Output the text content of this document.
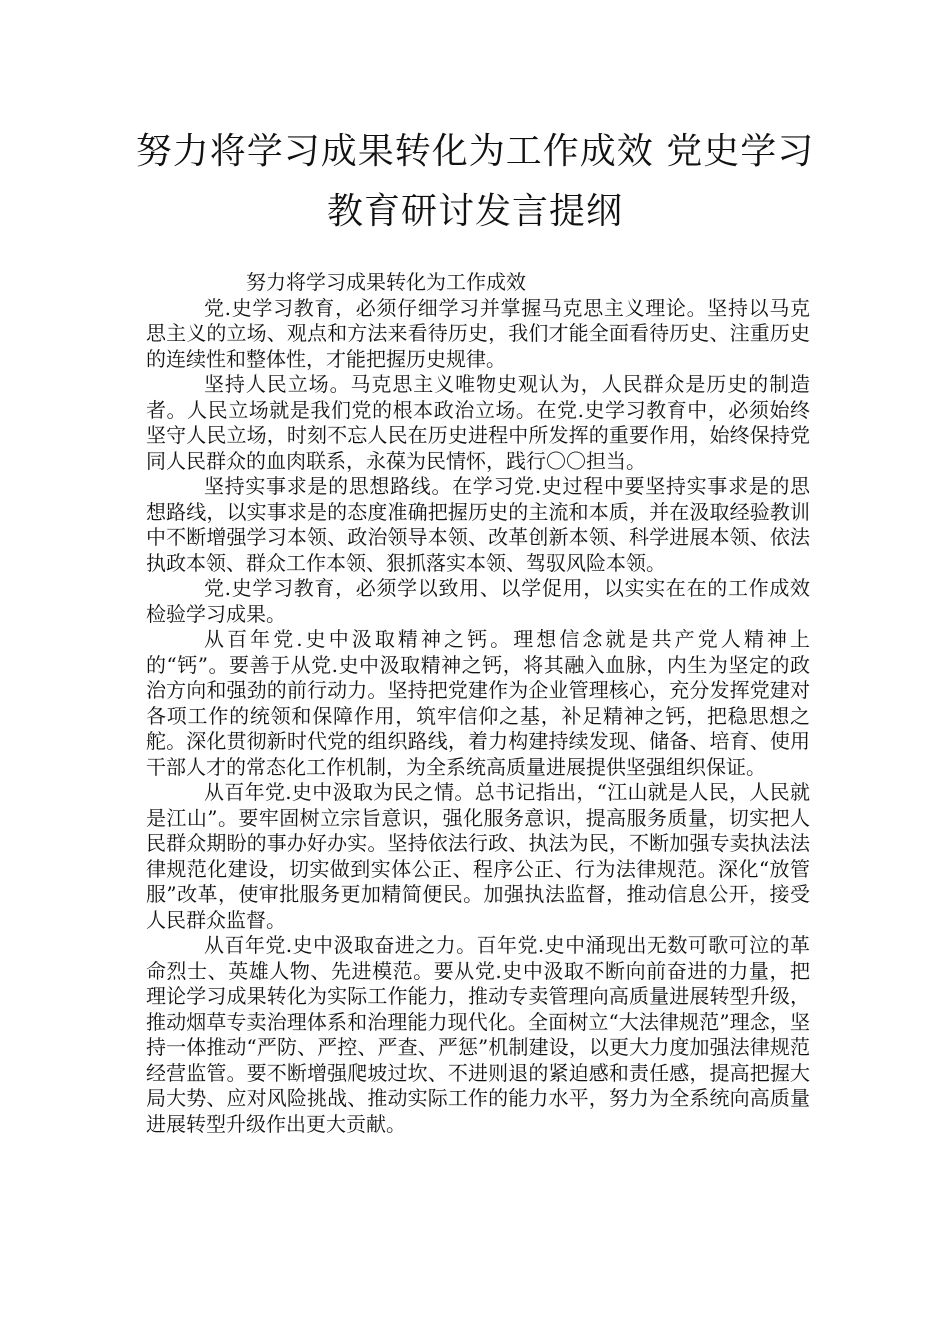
努力将学习成果转化为工作成效 党史学习
教育研讨发言提纲

努力将学习成果转化为工作成效

党.史学习教育，必须仔细学习并掌握马克思主义理论。坚持以马克思主义的立场、观点和方法来看待历史，我们才能全面看待历史、注重历史的连续性和整体性，才能把握历史规律。

坚持人民立场。马克思主义唯物史观认为，人民群众是历史的制造者。人民立场就是我们党的根本政治立场。在党.史学习教育中，必须始终坚守人民立场，时刻不忘人民在历史进程中所发挥的重要作用，始终保持党同人民群众的血肉联系，永葆为民情怀，践行〇〇担当。

坚持实事求是的思想路线。在学习党.史过程中要坚持实事求是的思想路线，以实事求是的态度准确把握历史的主流和本质，并在汲取经验教训中不断增强学习本领、政治领导本领、改革创新本领、科学进展本领、依法执政本领、群众工作本领、狠抓落实本领、驾驭风险本领。

党.史学习教育，必须学以致用、以学促用，以实实在在的工作成效检验学习成果。

从百年党.史中汲取精神之钙。理想信念就是共产党人精神上的“钙”。要善于从党.史中汲取精神之钙，将其融入血脉，内生为坚定的政治方向和强劲的前行动力。坚持把党建作为企业管理核心，充分发挥党建对各项工作的统领和保障作用，筑牢信仰之基，补足精神之钙，把稳思想之舵。深化贯彻新时代党的组织路线，着力构建持续发现、储备、培育、使用干部人才的常态化工作机制，为全系统高质量进展提供坚强组织保证。

从百年党.史中汲取为民之情。总书记指出，“江山就是人民，人民就是江山”。要牢固树立宗旨意识，强化服务意识，提高服务质量，切实把人民群众期盼的事办好办实。坚持依法行政、执法为民，不断加强专卖执法法律规范化建设，切实做到实体公正、程序公正、行为法律规范。深化“放管服”改革，使审批服务更加精简便民。加强执法监督，推动信息公开，接受人民群众监督。

从百年党.史中汲取奋进之力。百年党.史中涌现出无数可歌可泣的革命烈士、英雄人物、先进模范。要从党.史中汲取不断向前奋进的力量，把理论学习成果转化为实际工作能力，推动专卖管理向高质量进展转型升级，推动烟草专卖治理体系和治理能力现代化。全面树立“大法律规范”理念，坚持一体推动“严防、严控、严查、严惩”机制建设，以更大力度加强法律规范经营监管。要不断增强爬坡过坎、不进则退的紧迫感和责任感，提高把握大局大势、应对风险挑战、推动实际工作的能力水平，努力为全系统向高质量进展转型升级作出更大贡献。
